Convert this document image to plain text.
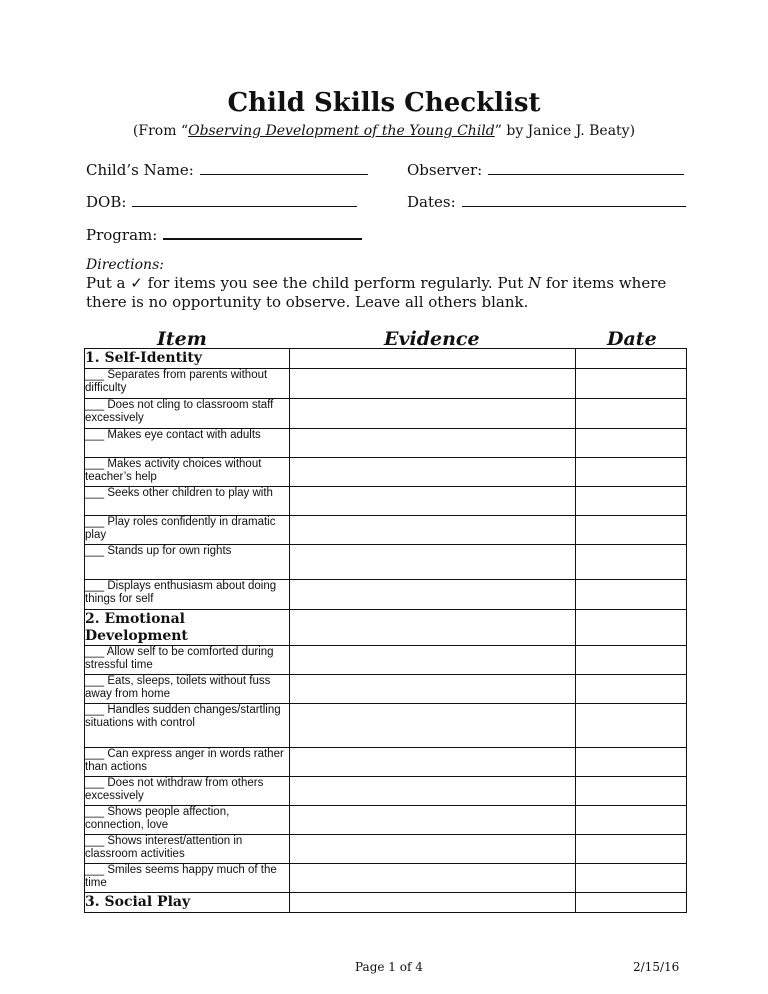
Child Skills Checklist
(From “Observing Development of the Young Child” by Janice J. Beaty)
Child’s Name:	Observer:
DOB:	Dates:
Program:
Directions:
Put a ✓ for items you see the child perform regularly. Put N for items where there is no opportunity to observe. Leave all others blank.
Item	Evidence	Date
1. Self-Identity		
___ Separates from parents without difficulty		
___ Does not cling to classroom staff excessively		
___ Makes eye contact with adults		
___ Makes activity choices without teacher’s help		
___ Seeks other children to play with		
___ Play roles confidently in dramatic play		
___ Stands up for own rights		
___ Displays enthusiasm about doing things for self		
2. Emotional Development		
___ Allow self to be comforted during stressful time		
___ Eats, sleeps, toilets without fuss away from home		
___ Handles sudden changes/startling situations with control		
___ Can express anger in words rather than actions		
___ Does not withdraw from others excessively		
___ Shows people affection, connection, love		
___ Shows interest/attention in classroom activities		
___ Smiles seems happy much of the time		
3. Social Play		
Page 1 of 4	2/15/16
